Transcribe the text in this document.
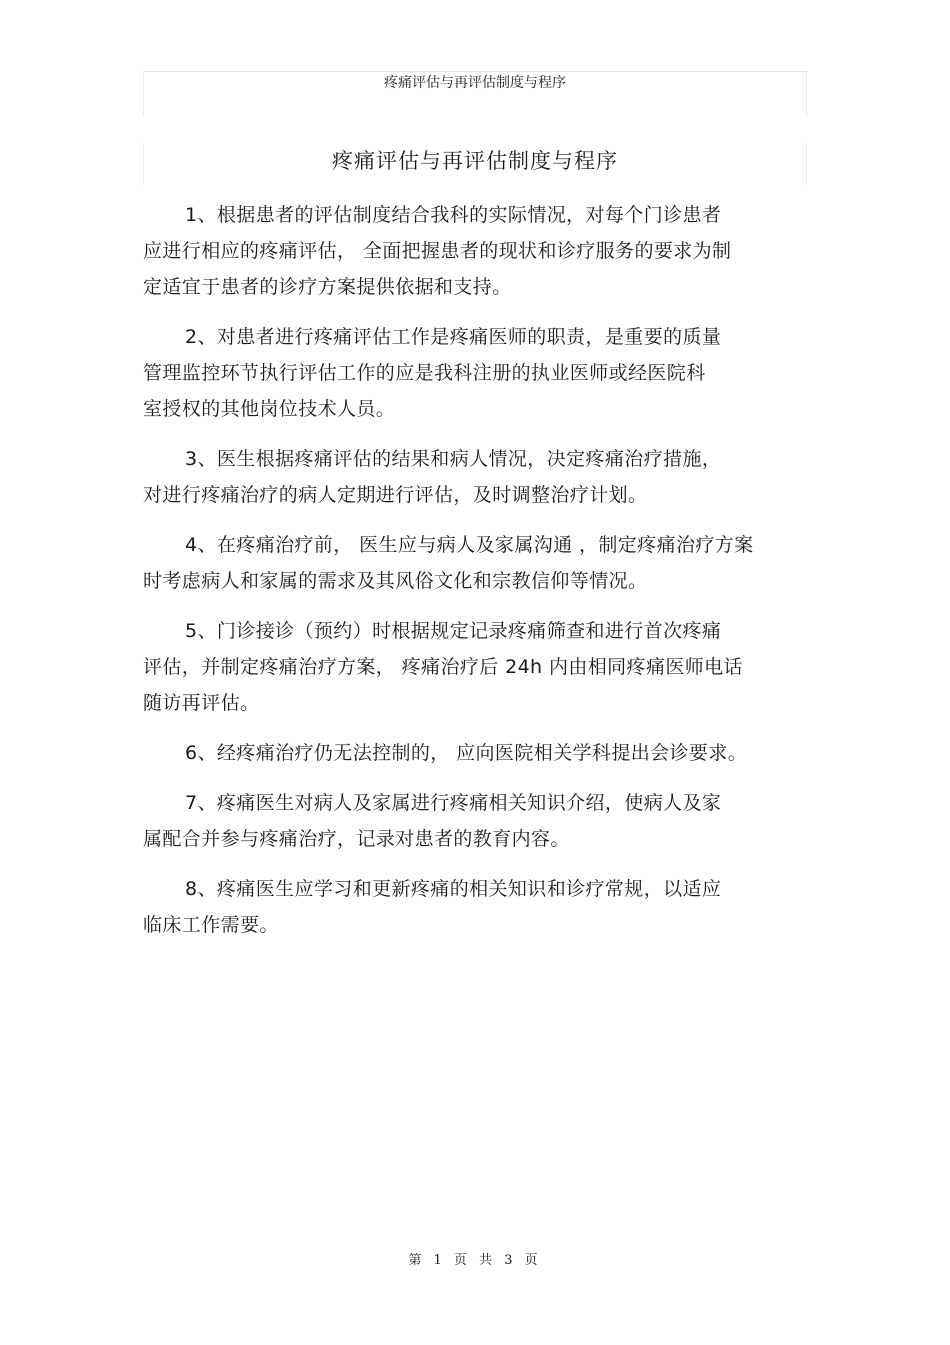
疼痛评估与再评估制度与程序
疼痛评估与再评估制度与程序

1、根据患者的评估制度结合我科的实际情况，对每个门诊患者
应进行相应的疼痛评估， 全面把握患者的现状和诊疗服务的要求为制
定适宜于患者的诊疗方案提供依据和支持。

2、对患者进行疼痛评估工作是疼痛医师的职责，是重要的质量
管理监控环节执行评估工作的应是我科注册的执业医师或经医院科
室授权的其他岗位技术人员。

3、医生根据疼痛评估的结果和病人情况，决定疼痛治疗措施，
对进行疼痛治疗的病人定期进行评估，及时调整治疗计划。

4、在疼痛治疗前， 医生应与病人及家属沟通 ，制定疼痛治疗方案
时考虑病人和家属的需求及其风俗文化和宗教信仰等情况。

5、门诊接诊（预约）时根据规定记录疼痛筛查和进行首次疼痛
评估，并制定疼痛治疗方案， 疼痛治疗后 24h 内由相同疼痛医师电话
随访再评估。

6、经疼痛治疗仍无法控制的， 应向医院相关学科提出会诊要求。

7、疼痛医生对病人及家属进行疼痛相关知识介绍，使病人及家
属配合并参与疼痛治疗，记录对患者的教育内容。

8、疼痛医生应学习和更新疼痛的相关知识和诊疗常规，以适应
临床工作需要。

第 1 页 共 3 页
